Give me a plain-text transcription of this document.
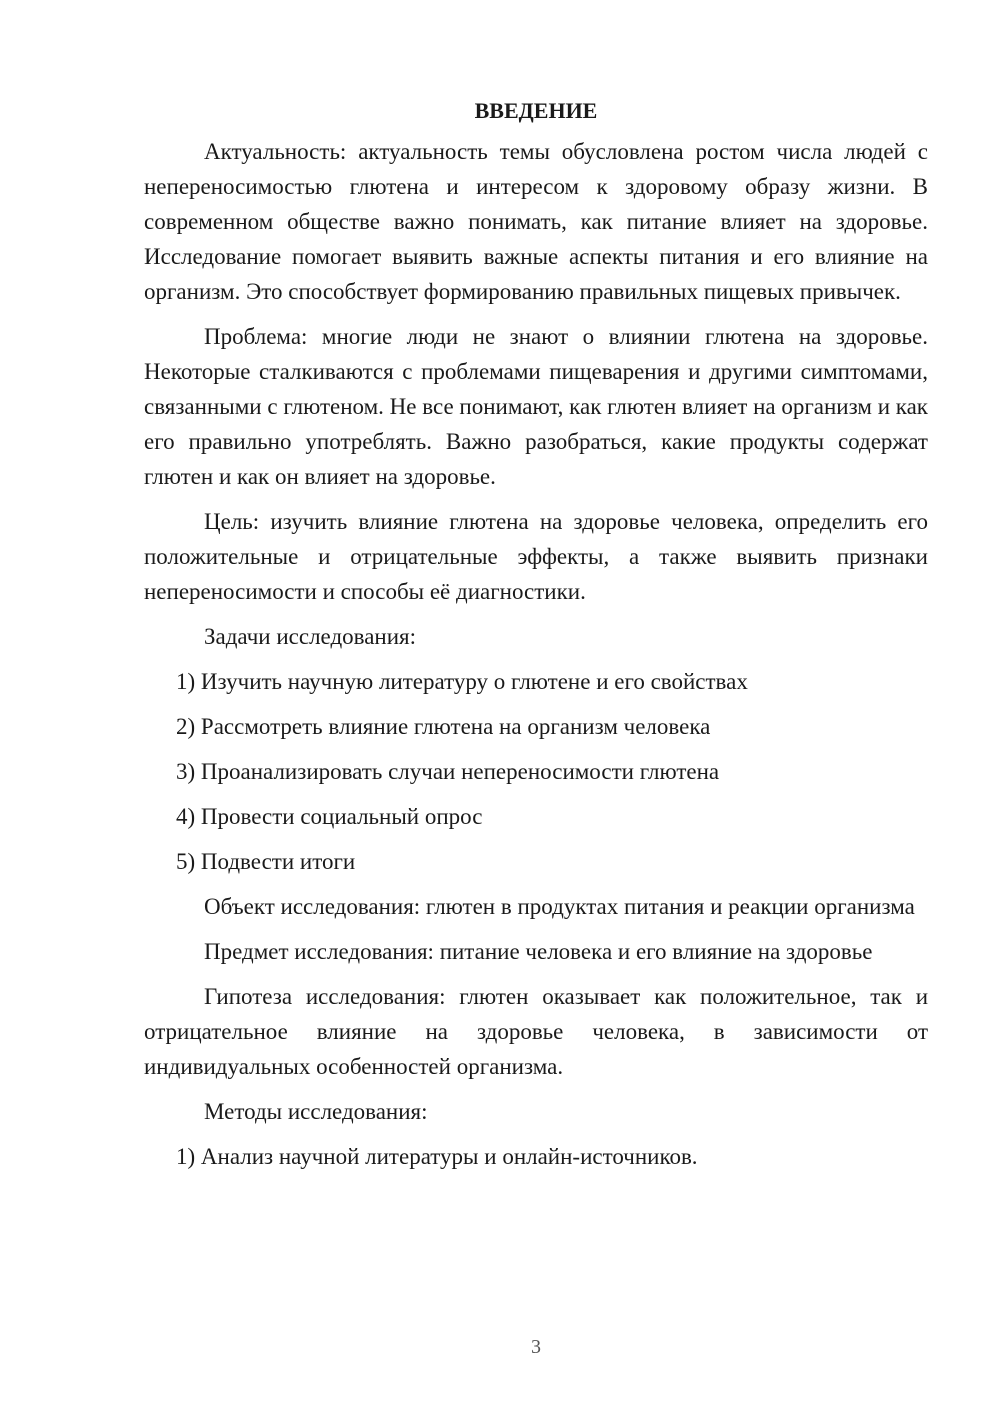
ВВЕДЕНИЕ

Актуальность: актуальность темы обусловлена ростом числа людей с непереносимостью глютена и интересом к здоровому образу жизни. В современном обществе важно понимать, как питание влияет на здоровье. Исследование помогает выявить важные аспекты питания и его влияние на организм. Это способствует формированию правильных пищевых привычек.

Проблема: многие люди не знают о влиянии глютена на здоровье. Некоторые сталкиваются с проблемами пищеварения и другими симптомами, связанными с глютеном. Не все понимают, как глютен влияет на организм и как его правильно употреблять. Важно разобраться, какие продукты содержат глютен и как он влияет на здоровье.

Цель: изучить влияние глютена на здоровье человека, определить его положительные и отрицательные эффекты, а также выявить признаки непереносимости и способы её диагностики.

Задачи исследования:

1) Изучить научную литературу о глютене и его свойствах
2) Рассмотреть влияние глютена на организм человека
3) Проанализировать случаи непереносимости глютена
4) Провести социальный опрос
5) Подвести итоги

Объект исследования: глютен в продуктах питания и реакции организма

Предмет исследования: питание человека и его влияние на здоровье

Гипотеза исследования: глютен оказывает как положительное, так и отрицательное влияние на здоровье человека, в зависимости от индивидуальных особенностей организма.

Методы исследования:

1) Анализ научной литературы и онлайн-источников.
3
